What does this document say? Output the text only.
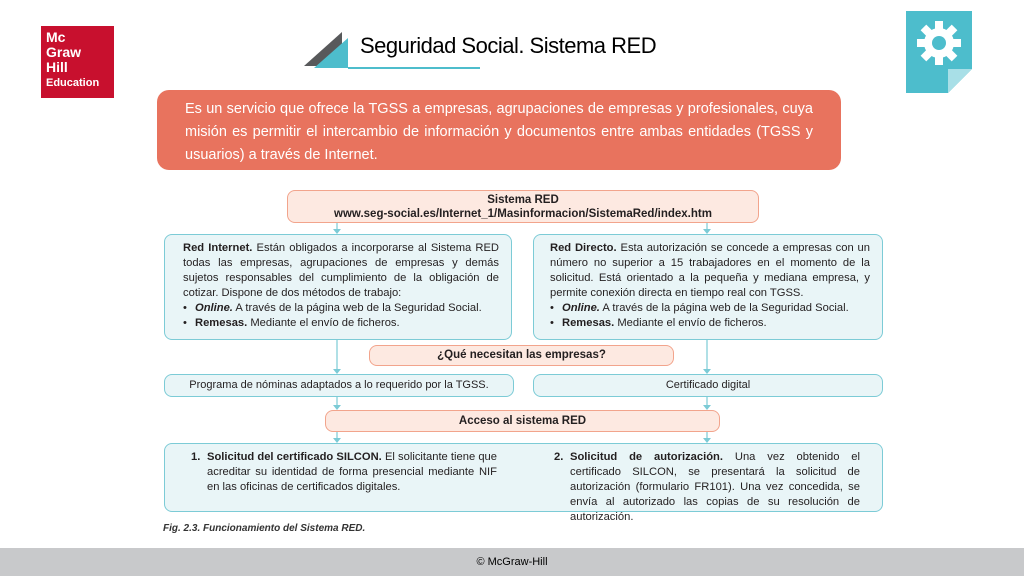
Mc
Graw
Hill
Education
Seguridad Social. Sistema RED
Es un servicio que ofrece la TGSS a empresas, agrupaciones de empresas y profesionales, cuya misión es permitir el intercambio de información y documentos entre ambas entidades (TGSS y usuarios) a través de Internet.
Sistema RED
www.seg-social.es/Internet_1/Masinformacion/SistemaRed/index.htm
Red Internet. Están obligados a incorporarse al Sistema RED todas las empresas, agrupaciones de empresas y demás sujetos responsables del cumplimiento de la obligación de cotizar. Dispone de dos métodos de trabajo:
• Online. A través de la página web de la Seguridad Social.
• Remesas. Mediante el envío de ficheros.
Red Directo. Esta autorización se concede a empresas con un número no superior a 15 trabajadores en el momento de la solicitud. Está orientado a la pequeña y mediana empresa, y permite conexión directa en tiempo real con TGSS.
• Online. A través de la página web de la Seguridad Social.
• Remesas. Mediante el envío de ficheros.
¿Qué necesitan las empresas?
Programa de nóminas adaptados a lo requerido por la TGSS.	Certificado digital
Acceso al sistema RED
1. Solicitud del certificado SILCON. El solicitante tiene que acreditar su identidad de forma presencial mediante NIF en las oficinas de certificados digitales.
2. Solicitud de autorización. Una vez obtenido el certificado SILCON, se presentará la solicitud de autorización (formulario FR101). Una vez concedida, se envía al autorizado las copias de su resolución de autorización.
Fig. 2.3. Funcionamiento del Sistema RED.
© McGraw-Hill
